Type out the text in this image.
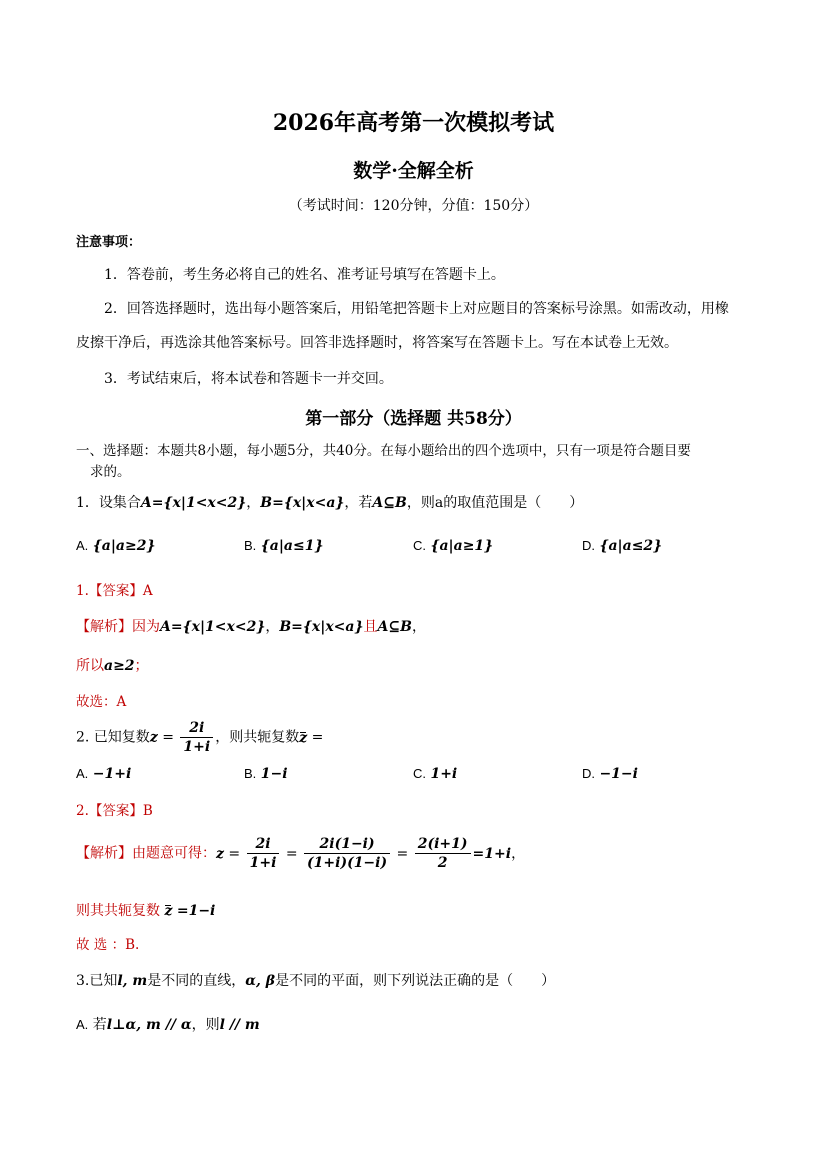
2026年高考第一次模拟考试
数学·全解全析
（考试时间：120分钟，分值：150分）
注意事项：
1．答卷前，考生务必将自己的姓名、准考证号填写在答题卡上。
2．回答选择题时，选出每小题答案后，用铅笔把答题卡上对应题目的答案标号涂黑。如需改动，用橡
皮擦干净后，再选涂其他答案标号。回答非选择题时，将答案写在答题卡上。写在本试卷上无效。
3．考试结束后，将本试卷和答题卡一并交回。
第一部分（选择题 共58分）
一、选择题：本题共8小题，每小题5分，共40分。在每小题给出的四个选项中，只有一项是符合题目要
求的。
1．设集合A={x|1<x<2}，B={x|x<a}，若A⊆B，则a的取值范围是（　　）
A. {a|a≥2}	B. {a|a≤1}	C. {a|a≥1}	D. {a|a≤2}
1.【答案】A
【解析】因为A={x|1<x<2}，B={x|x<a}且A⊆B，
所以a≥2；
故选：A
2. 已知复数$z = \frac{2i}{1+i}$ ，则共轭复数z =
A. −1+i	B. 1−i	C. 1+i	D. −1−i
2.【答案】B
【解析】由题意可得：$z = \frac{2i}{1+i} = \frac{2i(1-i)}{(1+i)(1-i)} = \frac{2(i+1)}{2} =1+i$，
则其共轭复数 z =1−i
故 选 ：B.
3.已知l, m是不同的直线，α, β是不同的平面，则下列说法正确的是（　　）
A. 若l⊥α, m // α，则l // m
